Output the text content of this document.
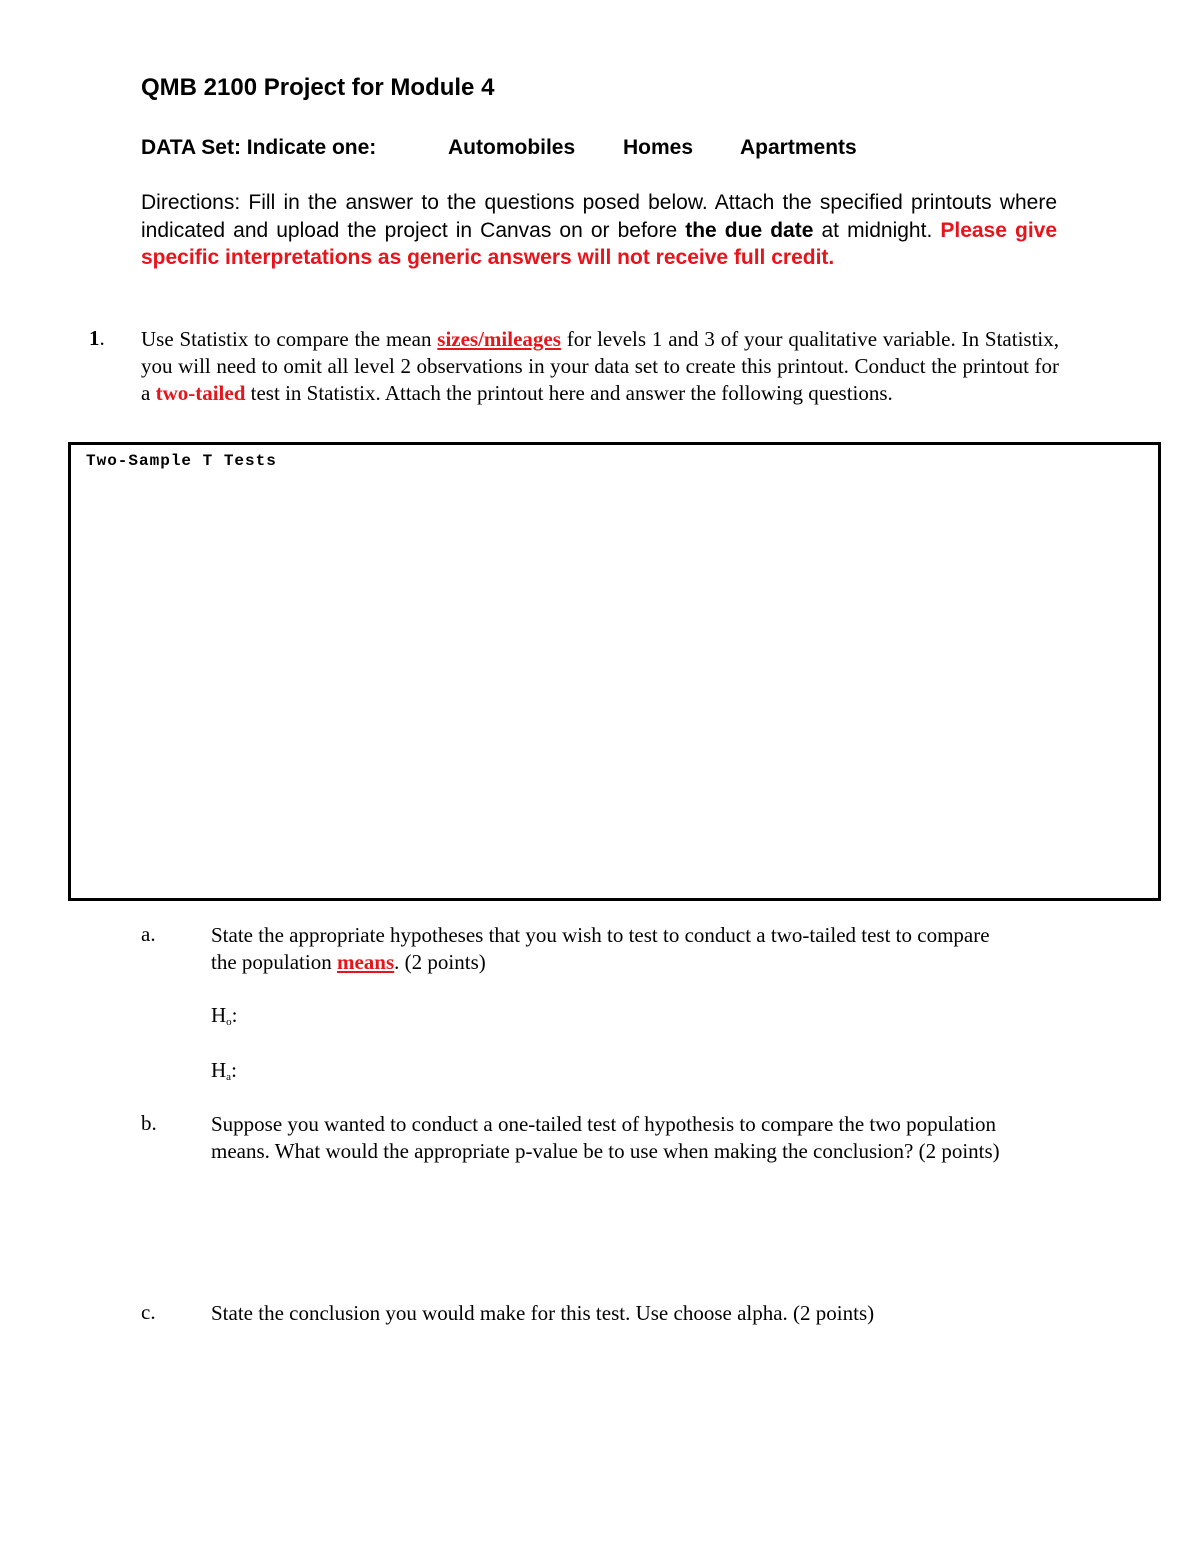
QMB 2100 Project for Module 4
DATA Set: Indicate one:	Automobiles Homes Apartments
Directions: Fill in the answer to the questions posed below. Attach the specified printouts where indicated and upload the project in Canvas on or before the due date at midnight. Please give specific interpretations as generic answers will not receive full credit.
1. Use Statistix to compare the mean sizes/mileages for levels 1 and 3 of your qualitative variable. In Statistix, you will need to omit all level 2 observations in your data set to create this printout. Conduct the printout for a two-tailed test in Statistix. Attach the printout here and answer the following questions.
Two-Sample T Tests
a.	State the appropriate hypotheses that you wish to test to conduct a two-tailed test to compare the population means. (2 points)
$H_o$:
$H_a$:
b.	Suppose you wanted to conduct a one-tailed test of hypothesis to compare the two population means. What would the appropriate p-value be to use when making the conclusion? (2 points)
c.	State the conclusion you would make for this test. Use choose alpha. (2 points)
